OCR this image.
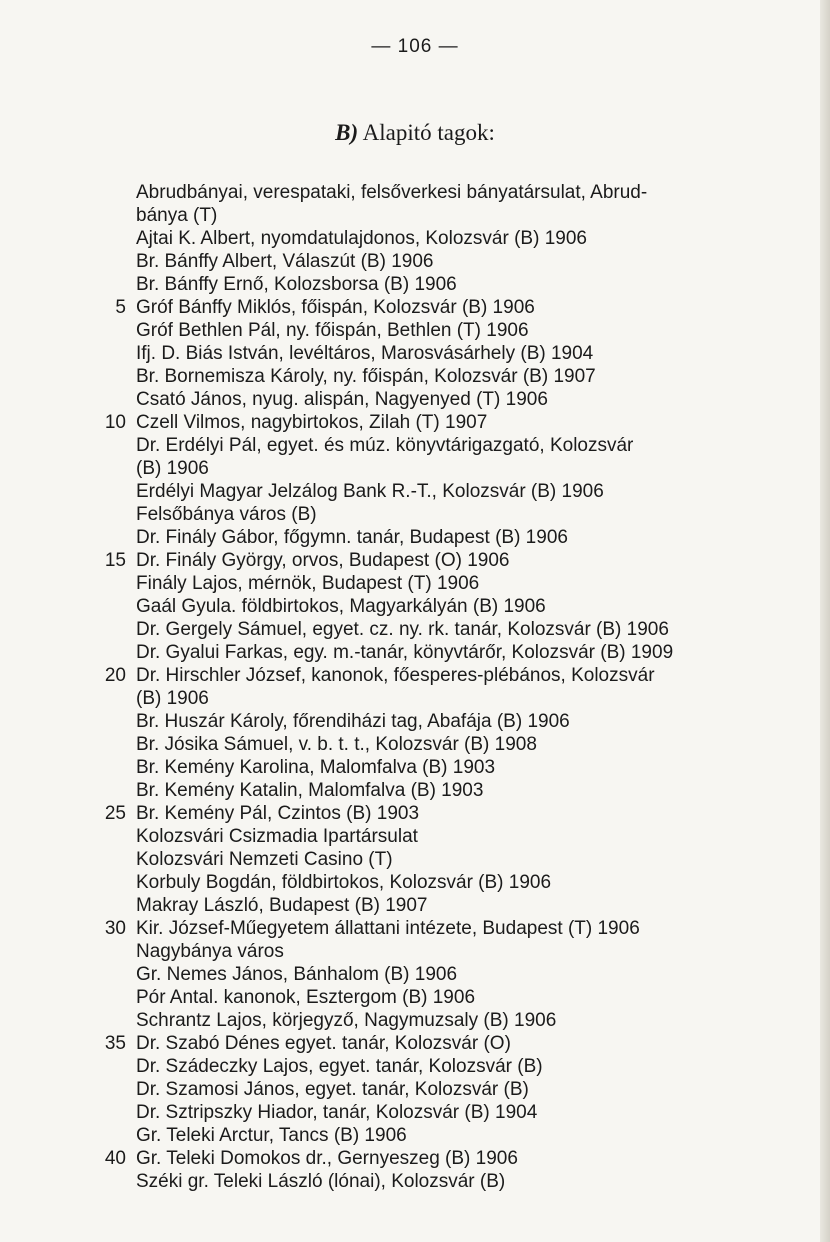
— 106 —
B) Alapitó tagok:
Abrudbányai, verespataki, felsőverkesi bányatársulat, Abrud-
bánya (T)
Ajtai K. Albert, nyomdatulajdonos, Kolozsvár (B) 1906
Br. Bánffy Albert, Válaszút (B) 1906
Br. Bánffy Ernő, Kolozsborsa (B) 1906
5 Gróf Bánffy Miklós, főispán, Kolozsvár (B) 1906
Gróf Bethlen Pál, ny. főispán, Bethlen (T) 1906
Ifj. D. Biás István, levéltáros, Marosvásárhely (B) 1904
Br. Bornemisza Károly, ny. főispán, Kolozsvár (B) 1907
Csató János, nyug. alispán, Nagyenyed (T) 1906
10 Czell Vilmos, nagybirtokos, Zilah (T) 1907
Dr. Erdélyi Pál, egyet. és múz. könyvtárigazgató, Kolozsvár
(B) 1906
Erdélyi Magyar Jelzálog Bank R.-T., Kolozsvár (B) 1906
Felsőbánya város (B)
Dr. Finály Gábor, főgymn. tanár, Budapest (B) 1906
15 Dr. Finály György, orvos, Budapest (O) 1906
Finály Lajos, mérnök, Budapest (T) 1906
Gaál Gyula. földbirtokos, Magyarkályán (B) 1906
Dr. Gergely Sámuel, egyet. cz. ny. rk. tanár, Kolozsvár (B) 1906
Dr. Gyalui Farkas, egy. m.-tanár, könyvtárőr, Kolozsvár (B) 1909
20 Dr. Hirschler József, kanonok, főesperes-plébános, Kolozsvár
(B) 1906
Br. Huszár Károly, főrendiházi tag, Abafája (B) 1906
Br. Jósika Sámuel, v. b. t. t., Kolozsvár (B) 1908
Br. Kemény Karolina, Malomfalva (B) 1903
Br. Kemény Katalin, Malomfalva (B) 1903
25 Br. Kemény Pál, Czintos (B) 1903
Kolozsvári Csizmadia Ipartársulat
Kolozsvári Nemzeti Casino (T)
Korbuly Bogdán, földbirtokos, Kolozsvár (B) 1906
Makray László, Budapest (B) 1907
30 Kir. József-Műegyetem állattani intézete, Budapest (T) 1906
Nagybánya város
Gr. Nemes János, Bánhalom (B) 1906
Pór Antal. kanonok, Esztergom (B) 1906
Schrantz Lajos, körjegyző, Nagymuzsaly (B) 1906
35 Dr. Szabó Dénes egyet. tanár, Kolozsvár (O)
Dr. Szádeczky Lajos, egyet. tanár, Kolozsvár (B)
Dr. Szamosi János, egyet. tanár, Kolozsvár (B)
Dr. Sztripszky Hiador, tanár, Kolozsvár (B) 1904
Gr. Teleki Arctur, Tancs (B) 1906
40 Gr. Teleki Domokos dr., Gernyeszeg (B) 1906
Széki gr. Teleki László (lónai), Kolozsvár (B)
